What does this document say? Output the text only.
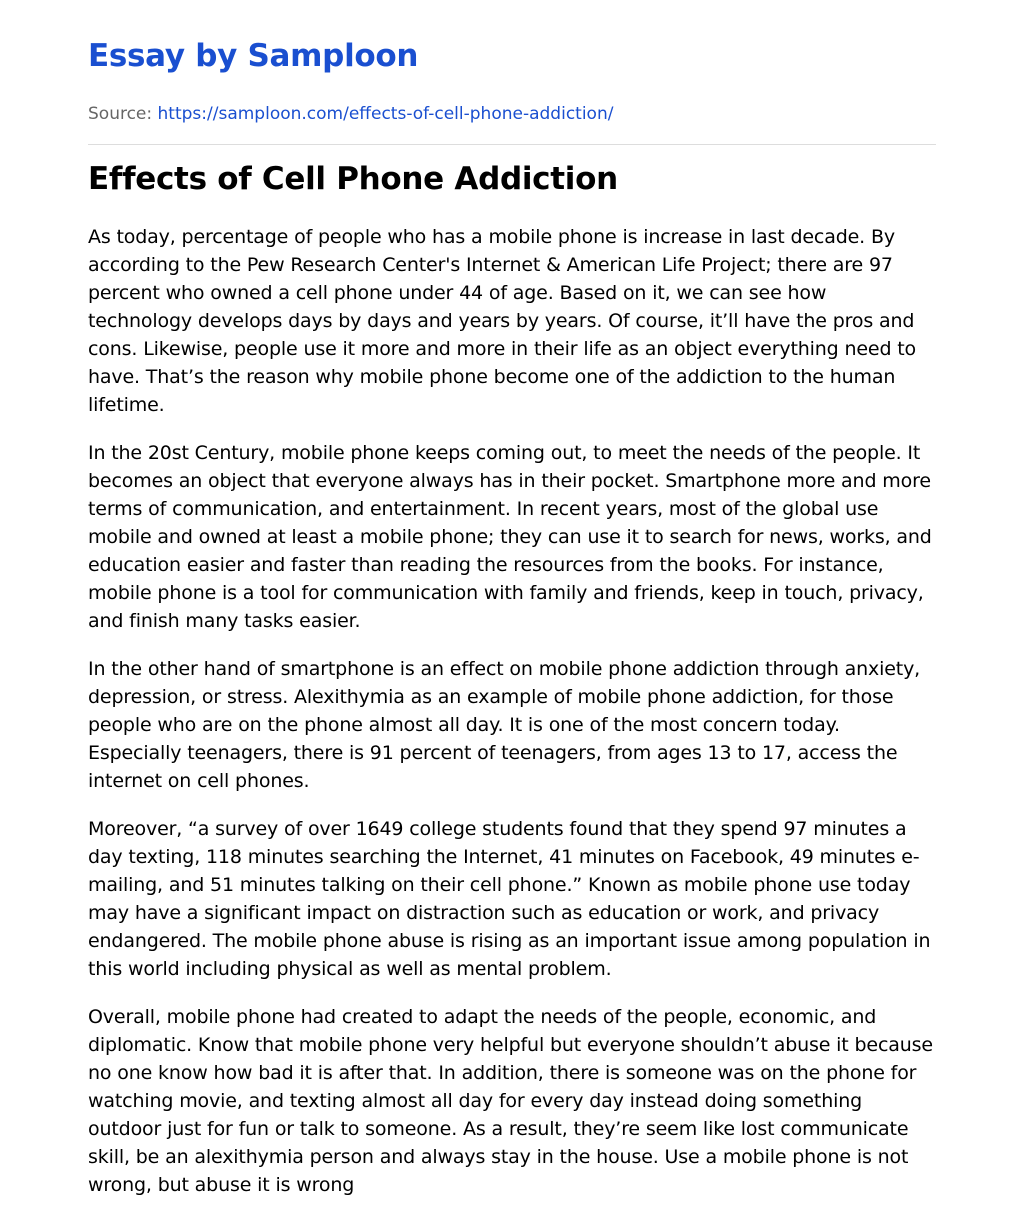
Essay by Samploon
Source: https://samploon.com/effects-of-cell-phone-addiction/
Effects of Cell Phone Addiction

As today, percentage of people who has a mobile phone is increase in last decade. By according to the Pew Research Center's Internet & American Life Project; there are 97 percent who owned a cell phone under 44 of age. Based on it, we can see how technology develops days by days and years by years. Of course, it’ll have the pros and cons. Likewise, people use it more and more in their life as an object everything need to have. That’s the reason why mobile phone become one of the addiction to the human lifetime.

In the 20st Century, mobile phone keeps coming out, to meet the needs of the people. It becomes an object that everyone always has in their pocket. Smartphone more and more terms of communication, and entertainment. In recent years, most of the global use mobile and owned at least a mobile phone; they can use it to search for news, works, and education easier and faster than reading the resources from the books. For instance, mobile phone is a tool for communication with family and friends, keep in touch, privacy, and finish many tasks easier.

In the other hand of smartphone is an effect on mobile phone addiction through anxiety, depression, or stress. Alexithymia as an example of mobile phone addiction, for those people who are on the phone almost all day. It is one of the most concern today. Especially teenagers, there is 91 percent of teenagers, from ages 13 to 17, access the internet on cell phones.

Moreover, “a survey of over 1649 college students found that they spend 97 minutes a day texting, 118 minutes searching the Internet, 41 minutes on Facebook, 49 minutes e-mailing, and 51 minutes talking on their cell phone.” Known as mobile phone use today may have a significant impact on distraction such as education or work, and privacy endangered. The mobile phone abuse is rising as an important issue among population in this world including physical as well as mental problem.

Overall, mobile phone had created to adapt the needs of the people, economic, and diplomatic. Know that mobile phone very helpful but everyone shouldn’t abuse it because no one know how bad it is after that. In addition, there is someone was on the phone for watching movie, and texting almost all day for every day instead doing something outdoor just for fun or talk to someone. As a result, they’re seem like lost communicate skill, be an alexithymia person and always stay in the house. Use a mobile phone is not wrong, but abuse it is wrong
